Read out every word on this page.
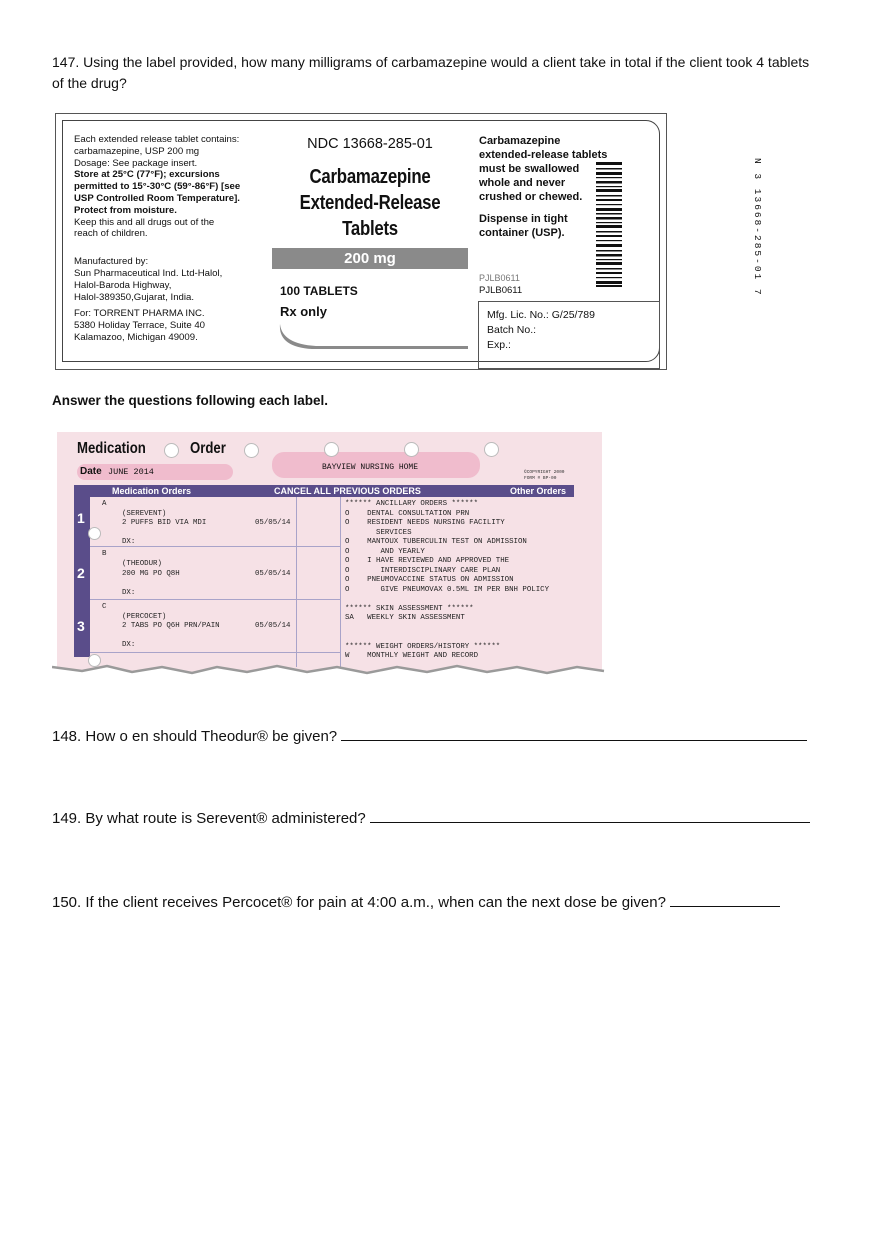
147. Using the label provided, how many milligrams of carbamazepine would a client take in total if the client took 4 tablets of the drug?
Each extended release tablet contains:
carbamazepine, USP 200 mg
Dosage: See package insert.
Store at 25°C (77°F); excursions
permitted to 15°-30°C (59°-86°F) [see
USP Controlled Room Temperature].
Protect from moisture.
Keep this and all drugs out of the
reach of children.
Manufactured by:
Sun Pharmaceutical Ind. Ltd-Halol,
Halol-Baroda Highway,
Halol-389350,Gujarat, India.
For: TORRENT PHARMA INC.
5380 Holiday Terrace, Suite 40
Kalamazoo, Michigan 49009.
NDC 13668-285-01
Carbamazepine
Extended-Release Tablets
200 mg
100 TABLETS
Rx only

Carbamazepine extended-release tablets must be swallowed whole and never crushed or chewed.

Dispense in tight container (USP).

PJLB0611
PJLB0611
Mfg. Lic. No.: G/25/789
Batch No.:
Exp.:
N 3 13668-285-01 7
Answer the questions following each label.
Medication	Order
BAYVIEW NURSING HOME
Date JUNE 2014	©COPYRIGHT 2000
FORM # BP-00
Medication Orders	CANCEL ALL PREVIOUS ORDERS	Other Orders
1
2
3
A
(SEREVENT)
2 PUFFS BID VIA MDI	05/05/14
DX:
B
(THEODUR)
200 MG PO Q8H	05/05/14
DX:
C
(PERCOCET)
2 TABS PO Q6H PRN/PAIN	05/05/14
DX:
****** ANCILLARY ORDERS ******
O    DENTAL CONSULTATION PRN
O    RESIDENT NEEDS NURSING FACILITY
SERVICES
O    MANTOUX TUBERCULIN TEST ON ADMISSION
O       AND YEARLY
O    I HAVE REVIEWED AND APPROVED THE
O       INTERDISCIPLINARY CARE PLAN
O    PNEUMOVACCINE STATUS ON ADMISSION
O       GIVE PNEUMOVAX 0.5ML IM PER BNH POLICY
****** SKIN ASSESSMENT ******
SA   WEEKLY SKIN ASSESSMENT
****** WEIGHT ORDERS/HISTORY ******
W    MONTHLY WEIGHT AND RECORD
148. How o en should Theodur® be given?
149. By what route is Serevent® administered?
150. If the client receives Percocet® for pain at 4:00 a.m., when can the next dose be given?
